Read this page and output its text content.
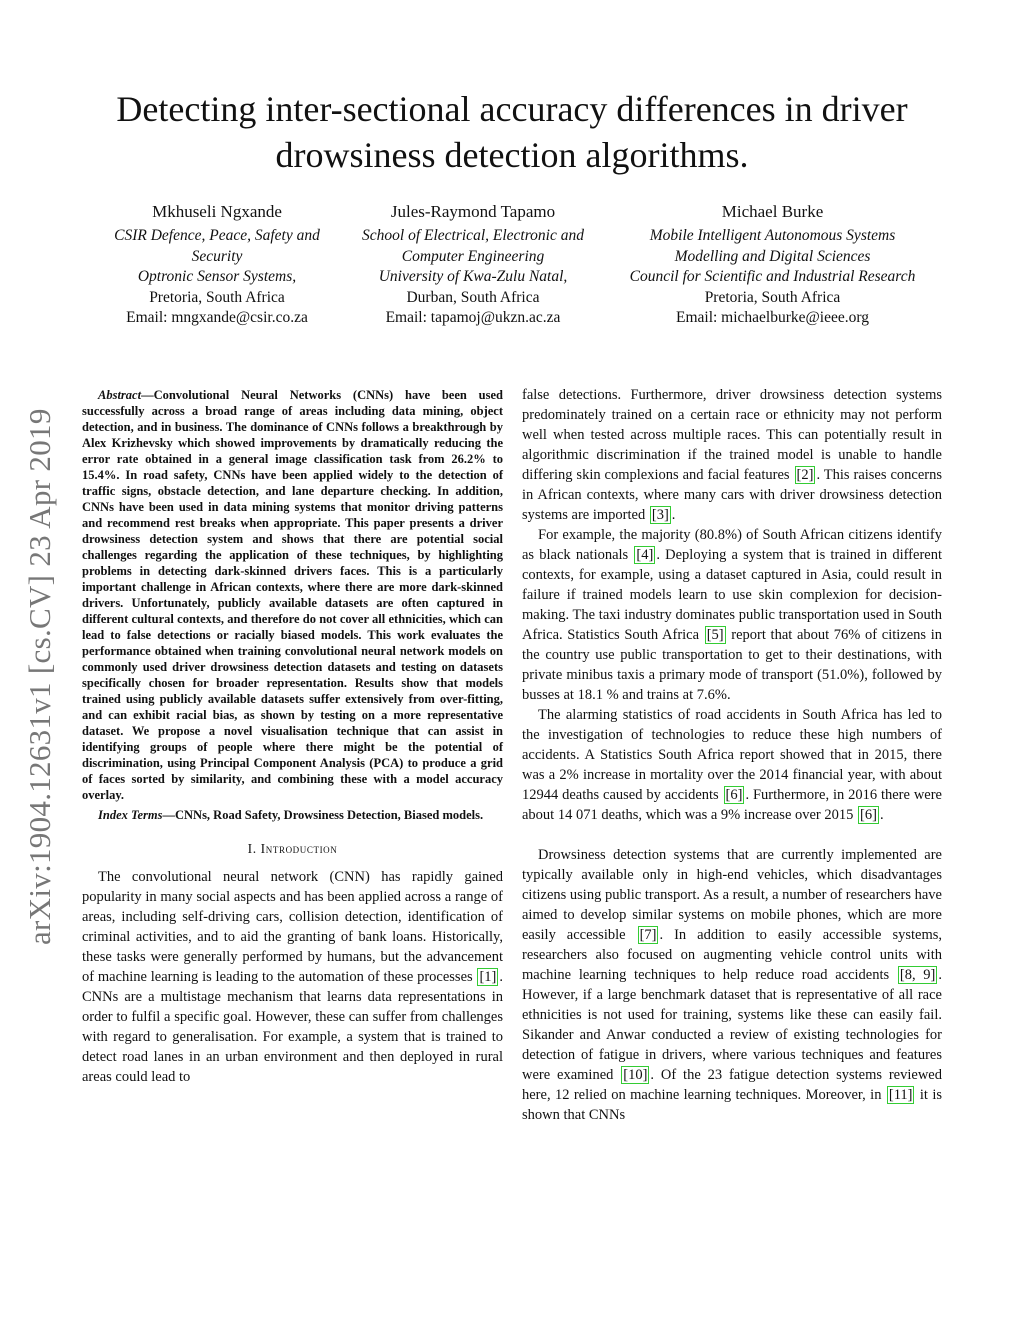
Detecting inter-sectional accuracy differences in driver drowsiness detection algorithms.
Mkhuseli Ngxande
CSIR Defence, Peace, Safety and
Security
Optronic Sensor Systems,
Pretoria, South Africa
Email: mngxande@csir.co.za
Jules-Raymond Tapamo
School of Electrical, Electronic and
Computer Engineering
University of Kwa-Zulu Natal,
Durban, South Africa
Email: tapamoj@ukzn.ac.za
Michael Burke
Mobile Intelligent Autonomous Systems
Modelling and Digital Sciences
Council for Scientific and Industrial Research
Pretoria, South Africa
Email: michaelburke@ieee.org
arXiv:1904.12631v1 [cs.CV] 23 Apr 2019

Abstract—Convolutional Neural Networks (CNNs) have been used successfully across a broad range of areas including data mining, object detection, and in business. The dominance of CNNs follows a breakthrough by Alex Krizhevsky which showed improvements by dramatically reducing the error rate obtained in a general image classification task from 26.2% to 15.4%. In road safety, CNNs have been applied widely to the detection of traffic signs, obstacle detection, and lane departure checking. In addition, CNNs have been used in data mining systems that monitor driving patterns and recommend rest breaks when appropriate. This paper presents a driver drowsiness detection system and shows that there are potential social challenges regarding the application of these techniques, by highlighting problems in detecting dark-skinned drivers faces. This is a particularly important challenge in African contexts, where there are more dark-skinned drivers. Unfortunately, publicly available datasets are often captured in different cultural contexts, and therefore do not cover all ethnicities, which can lead to false detections or racially biased models. This work evaluates the performance obtained when training convolutional neural network models on commonly used driver drowsiness detection datasets and testing on datasets specifically chosen for broader representation. Results show that models trained using publicly available datasets suffer extensively from over-fitting, and can exhibit racial bias, as shown by testing on a more representative dataset. We propose a novel visualisation technique that can assist in identifying groups of people where there might be the potential of discrimination, using Principal Component Analysis (PCA) to produce a grid of faces sorted by similarity, and combining these with a model accuracy overlay.

Index Terms—CNNs, Road Safety, Drowsiness Detection, Biased models.

I. Introduction

The convolutional neural network (CNN) has rapidly gained popularity in many social aspects and has been applied across a range of areas, including self-driving cars, collision detection, identification of criminal activities, and to aid the granting of bank loans. Historically, these tasks were generally performed by humans, but the advancement of machine learning is leading to the automation of these processes [1] . CNNs are a multistage mechanism that learns data representations in order to fulfil a specific goal. However, these can suffer from challenges with regard to generalisation. For example, a system that is trained to detect road lanes in an urban environment and then deployed in rural areas could lead to

false detections. Furthermore, driver drowsiness detection systems predominately trained on a certain race or ethnicity may not perform well when tested across multiple races. This can potentially result in algorithmic discrimination if the trained model is unable to handle differing skin complexions and facial features [2] . This raises concerns in African contexts, where many cars with driver drowsiness detection systems are imported [3] .

For example, the majority (80.8%) of South African citizens identify as black nationals [4] . Deploying a system that is trained in different contexts, for example, using a dataset captured in Asia, could result in failure if trained models learn to use skin complexion for decision-making. The taxi industry dominates public transportation used in South Africa. Statistics South Africa [5] report that about 76% of citizens in the country use public transportation to get to their destinations, with private minibus taxis a primary mode of transport (51.0%), followed by busses at 18.1 % and trains at 7.6%.

The alarming statistics of road accidents in South Africa has led to the investigation of technologies to reduce these high numbers of accidents. A Statistics South Africa report showed that in 2015, there was a 2% increase in mortality over the 2014 financial year, with about 12944 deaths caused by accidents [6] . Furthermore, in 2016 there were about 14 071 deaths, which was a 9% increase over 2015 [6] .

Drowsiness detection systems that are currently implemented are typically available only in high-end vehicles, which disadvantages citizens using public transport. As a result, a number of researchers have aimed to develop similar systems on mobile phones, which are more easily accessible [7] . In addition to easily accessible systems, researchers also focused on augmenting vehicle control units with machine learning techniques to help reduce road accidents [8, 9] . However, if a large benchmark dataset that is representative of all race ethnicities is not used for training, systems like these can easily fail. Sikander and Anwar conducted a review of existing technologies for detection of fatigue in drivers, where various techniques and features were examined [10] . Of the 23 fatigue detection systems reviewed here, 12 relied on machine learning techniques. Moreover, in [11] it is shown that CNNs
